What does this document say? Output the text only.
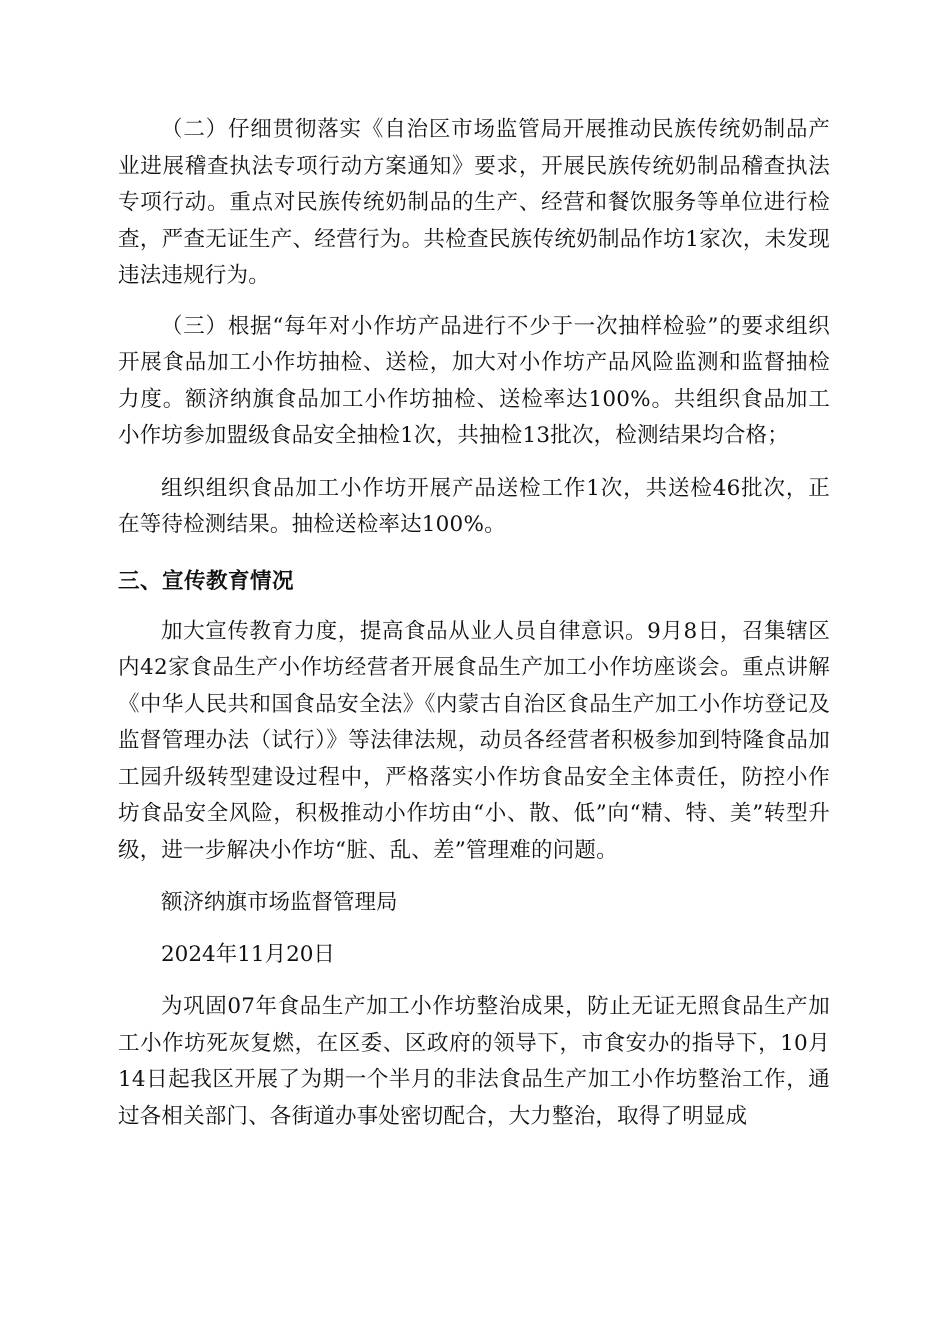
（二）仔细贯彻落实《自治区市场监管局开展推动民族传统奶制品产业进展稽查执法专项行动方案通知》要求，开展民族传统奶制品稽查执法专项行动。重点对民族传统奶制品的生产、经营和餐饮服务等单位进行检查，严查无证生产、经营行为。共检查民族传统奶制品作坊1家次，未发现违法违规行为。

（三）根据“每年对小作坊产品进行不少于一次抽样检验”的要求组织开展食品加工小作坊抽检、送检，加大对小作坊产品风险监测和监督抽检力度。额济纳旗食品加工小作坊抽检、送检率达100%。共组织食品加工小作坊参加盟级食品安全抽检1次，共抽检13批次，检测结果均合格；

组织组织食品加工小作坊开展产品送检工作1次，共送检46批次，正在等待检测结果。抽检送检率达100%。

三、宣传教育情况

加大宣传教育力度，提高食品从业人员自律意识。9月8日，召集辖区内42家食品生产小作坊经营者开展食品生产加工小作坊座谈会。重点讲解《中华人民共和国食品安全法》《内蒙古自治区食品生产加工小作坊登记及监督管理办法（试行）》等法律法规，动员各经营者积极参加到特隆食品加工园升级转型建设过程中，严格落实小作坊食品安全主体责任，防控小作坊食品安全风险，积极推动小作坊由“小、散、低”向“精、特、美”转型升级，进一步解决小作坊“脏、乱、差”管理难的问题。

额济纳旗市场监督管理局

2024年11月20日

为巩固07年食品生产加工小作坊整治成果，防止无证无照食品生产加工小作坊死灰复燃，在区委、区政府的领导下，市食安办的指导下，10月14日起我区开展了为期一个半月的非法食品生产加工小作坊整治工作，通过各相关部门、各街道办事处密切配合，大力整治，取得了明显成
